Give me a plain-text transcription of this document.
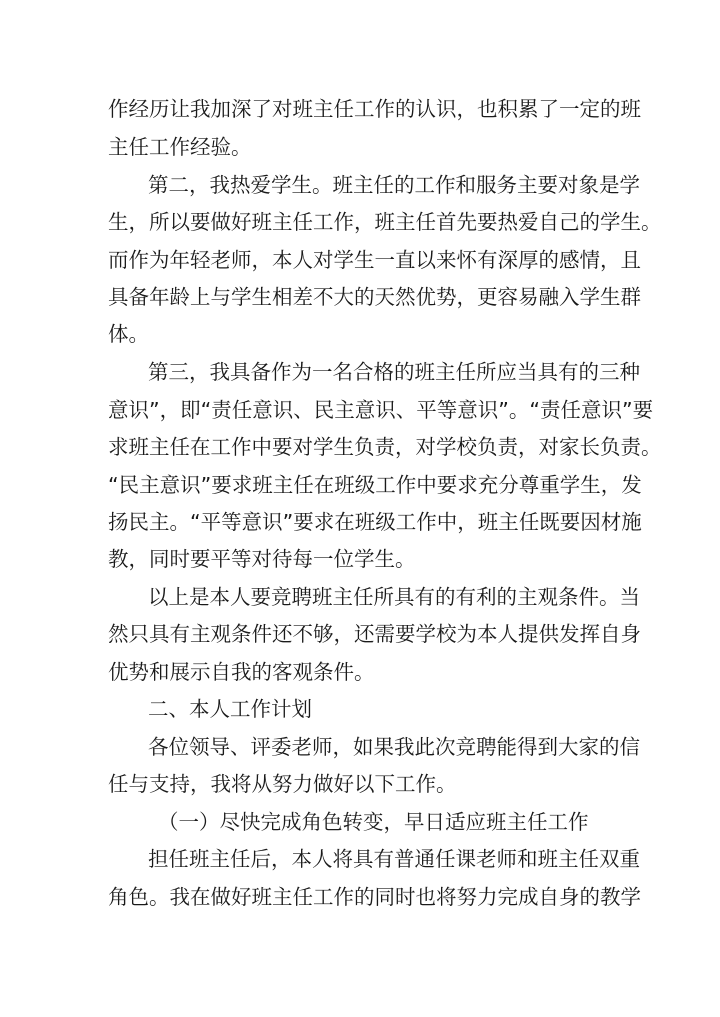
作经历让我加深了对班主任工作的认识，也积累了一定的班
主任工作经验。
第二，我热爱学生。班主任的工作和服务主要对象是学
生，所以要做好班主任工作，班主任首先要热爱自己的学生。
而作为年轻老师，本人对学生一直以来怀有深厚的感情，且
具备年龄上与学生相差不大的天然优势，更容易融入学生群
体。
第三，我具备作为一名合格的班主任所应当具有的三种
意识”，即“责任意识、民主意识、平等意识”。“责任意识”要
求班主任在工作中要对学生负责，对学校负责，对家长负责。
“民主意识”要求班主任在班级工作中要求充分尊重学生，发
扬民主。“平等意识”要求在班级工作中，班主任既要因材施
教，同时要平等对待每一位学生。
以上是本人要竞聘班主任所具有的有利的主观条件。当
然只具有主观条件还不够，还需要学校为本人提供发挥自身
优势和展示自我的客观条件。
二、本人工作计划
各位领导、评委老师，如果我此次竞聘能得到大家的信
任与支持，我将从努力做好以下工作。
（一）尽快完成角色转变，早日适应班主任工作
担任班主任后，本人将具有普通任课老师和班主任双重
角色。我在做好班主任工作的同时也将努力完成自身的教学
